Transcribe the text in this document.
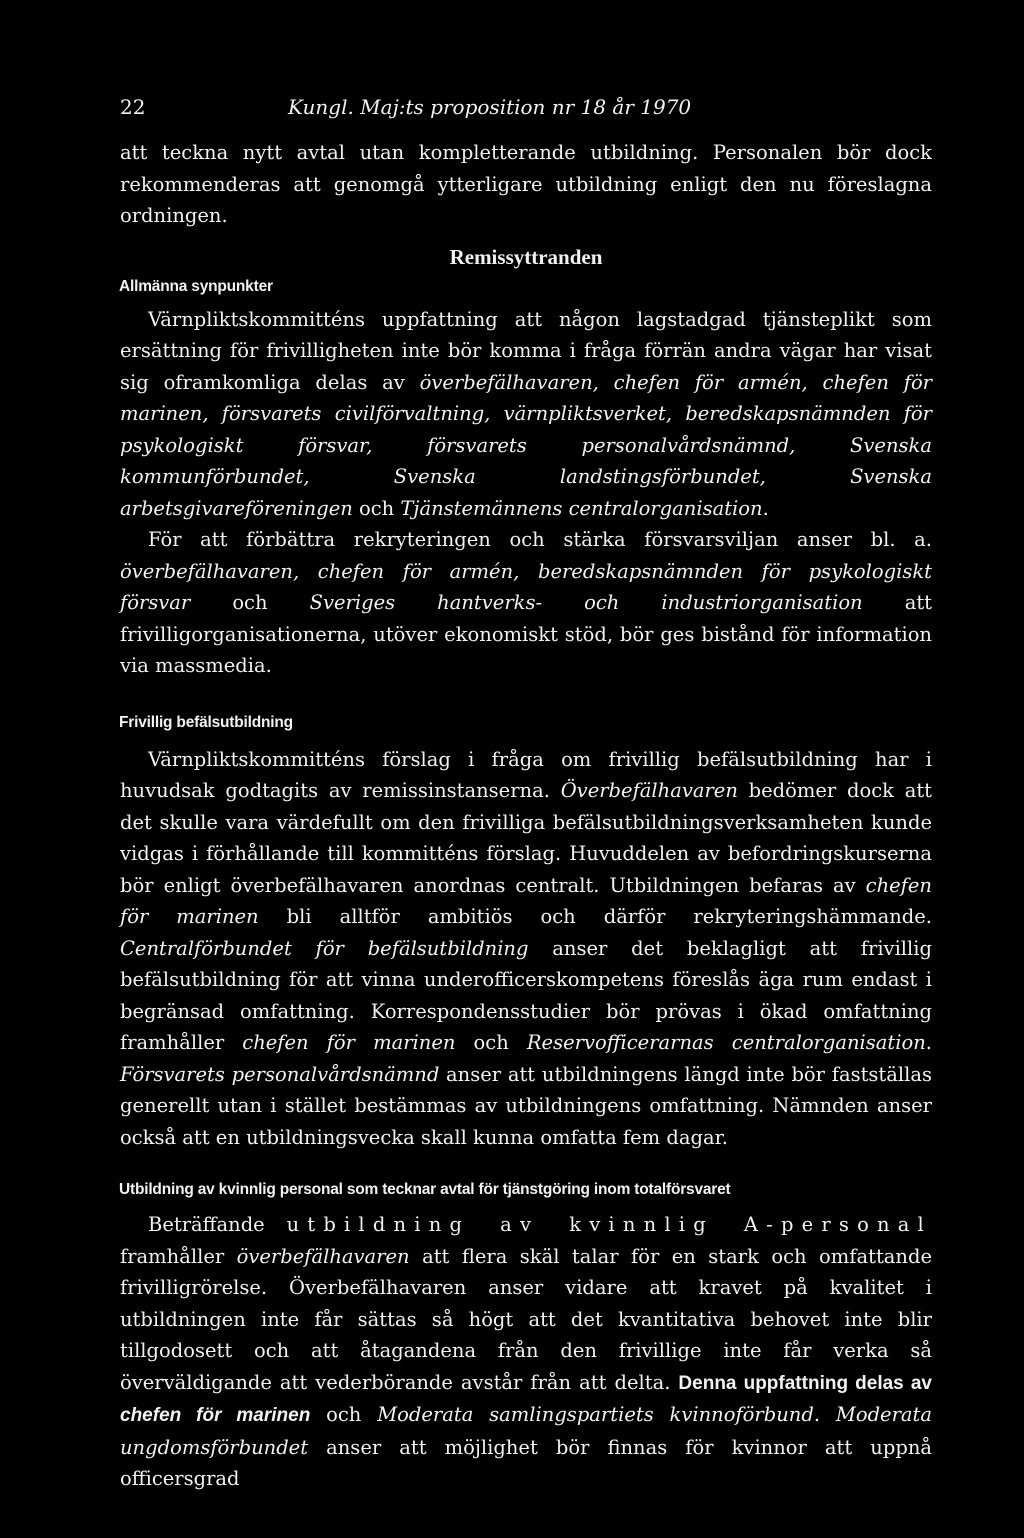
22	Kungl. Maj:ts proposition nr 18 år 1970

att teckna nytt avtal utan kompletterande utbildning. Personalen bör dock rekommenderas att genomgå ytterligare utbildning enligt den nu föreslagna ordningen.

Remissyttranden
Allmänna synpunkter

Värnpliktskommitténs uppfattning att någon lagstadgad tjänsteplikt som ersättning för frivilligheten inte bör komma i fråga förrän andra vägar har visat sig oframkomliga delas av överbefälhavaren, chefen för armén, chefen för marinen, försvarets civilförvaltning, värnpliktsverket, beredskapsnämnden för psykologiskt försvar, försvarets personalvårdsnämnd, Svenska kommunförbundet, Svenska landstingsförbundet, Svenska arbetsgivareföreningen och Tjänstemännens centralorganisation.

För att förbättra rekryteringen och stärka försvarsviljan anser bl. a. överbefälhavaren, chefen för armén, beredskapsnämnden för psykologiskt försvar och Sveriges hantverks- och industriorganisation att frivilligorganisationerna, utöver ekonomiskt stöd, bör ges bistånd för information via massmedia.

Frivillig befälsutbildning

Värnpliktskommitténs förslag i fråga om frivillig befälsutbildning har i huvudsak godtagits av remissinstanserna. Överbefälhavaren bedömer dock att det skulle vara värdefullt om den frivilliga befälsutbildningsverksamheten kunde vidgas i förhållande till kommitténs förslag. Huvuddelen av befordringskurserna bör enligt överbefälhavaren anordnas centralt. Utbildningen befaras av chefen för marinen bli alltför ambitiös och därför rekryteringshämmande. Centralförbundet för befälsutbildning anser det beklagligt att frivillig befälsutbildning för att vinna underofficerskompetens föreslås äga rum endast i begränsad omfattning. Korrespondensstudier bör prövas i ökad omfattning framhåller chefen för marinen och Reservofficerarnas centralorganisation. Försvarets personalvårdsnämnd anser att utbildningens längd inte bör fastställas generellt utan i stället bestämmas av utbildningens omfattning. Nämnden anser också att en utbildningsvecka skall kunna omfatta fem dagar.

Utbildning av kvinnlig personal som tecknar avtal för tjänstgöring inom totalförsvaret

Beträffande utbildning av kvinnlig A-personal framhåller överbefälhavaren att flera skäl talar för en stark och omfattande frivilligrörelse. Överbefälhavaren anser vidare att kravet på kvalitet i utbildningen inte får sättas så högt att det kvantitativa behovet inte blir tillgodosett och att åtagandena från den frivillige inte får verka så överväldigande att vederbörande avstår från att delta. Denna uppfattning delas av chefen för marinen och Moderata samlingspartiets kvinnoförbund. Moderata ungdomsförbundet anser att möjlighet bör finnas för kvinnor att uppnå officersgrad
